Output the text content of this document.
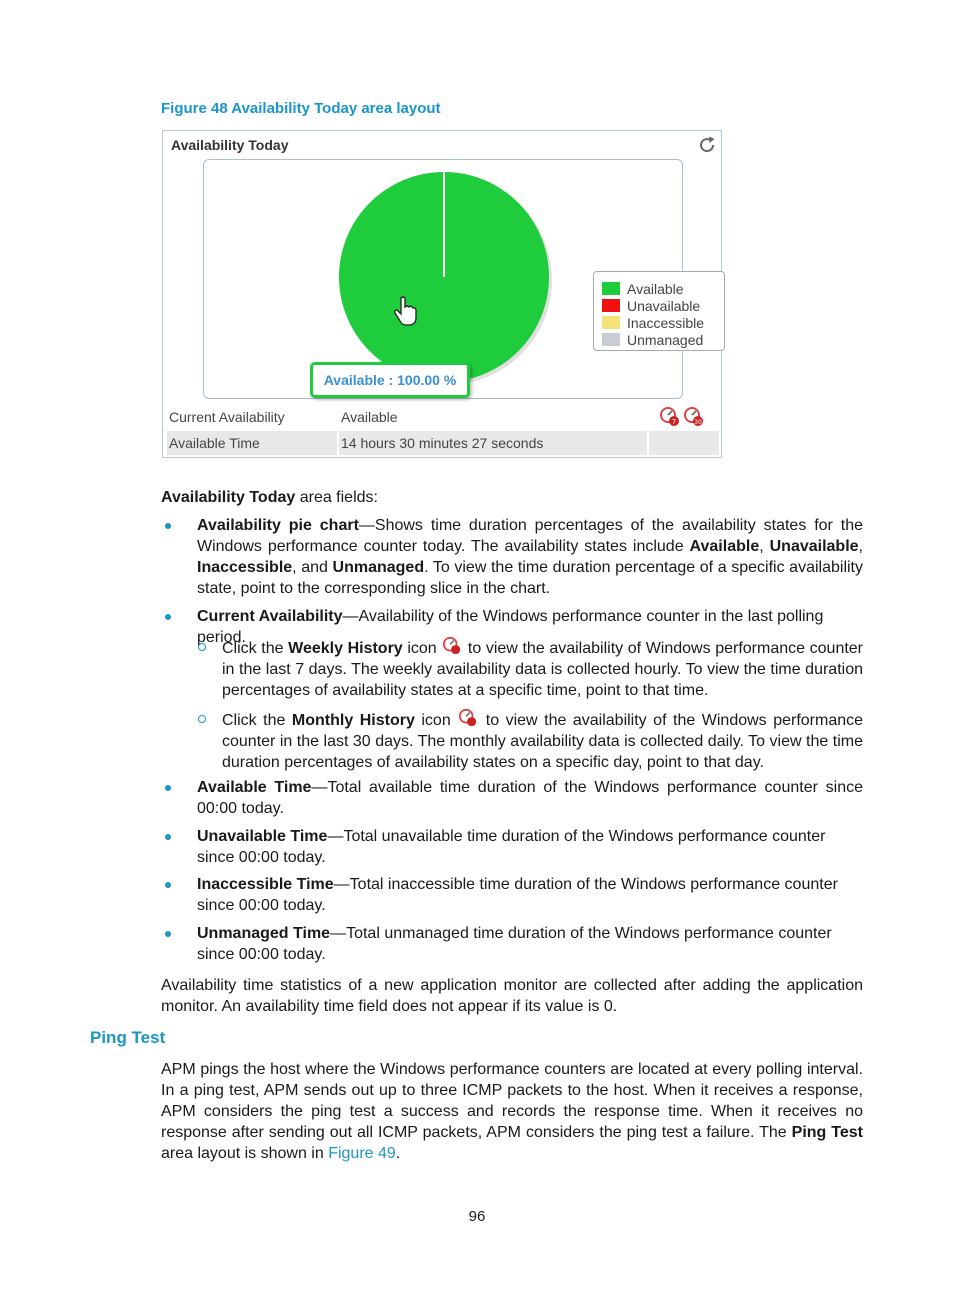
Figure 48 Availability Today area layout
Availability Today
Available
Unavailable
Inaccessible
Unmanaged
Available : 100.00 %
Current Availability	Available	7	30
Available Time	14 hours 30 minutes 27 seconds
Availability Today area fields:
Availability pie chart—Shows time duration percentages of the availability states for the Windows performance counter today. The availability states include Available, Unavailable, Inaccessible, and Unmanaged. To view the time duration percentage of a specific availability state, point to the corresponding slice in the chart.
Current Availability—Availability of the Windows performance counter in the last polling period.
Click the Weekly History icon  to view the availability of Windows performance counter in the last 7 days. The weekly availability data is collected hourly. To view the time duration percentages of availability states at a specific time, point to that time.
Click the Monthly History icon  to view the availability of the Windows performance counter in the last 30 days. The monthly availability data is collected daily. To view the time duration percentages of availability states on a specific day, point to that day.
Available Time—Total available time duration of the Windows performance counter since 00:00 today.
Unavailable Time—Total unavailable time duration of the Windows performance counter since 00:00 today.
Inaccessible Time—Total inaccessible time duration of the Windows performance counter since 00:00 today.
Unmanaged Time—Total unmanaged time duration of the Windows performance counter since 00:00 today.
Availability time statistics of a new application monitor are collected after adding the application monitor. An availability time field does not appear if its value is 0.
Ping Test
APM pings the host where the Windows performance counters are located at every polling interval. In a ping test, APM sends out up to three ICMP packets to the host. When it receives a response, APM considers the ping test a success and records the response time. When it receives no response after sending out all ICMP packets, APM considers the ping test a failure. The Ping Test area layout is shown in Figure 49.
96
